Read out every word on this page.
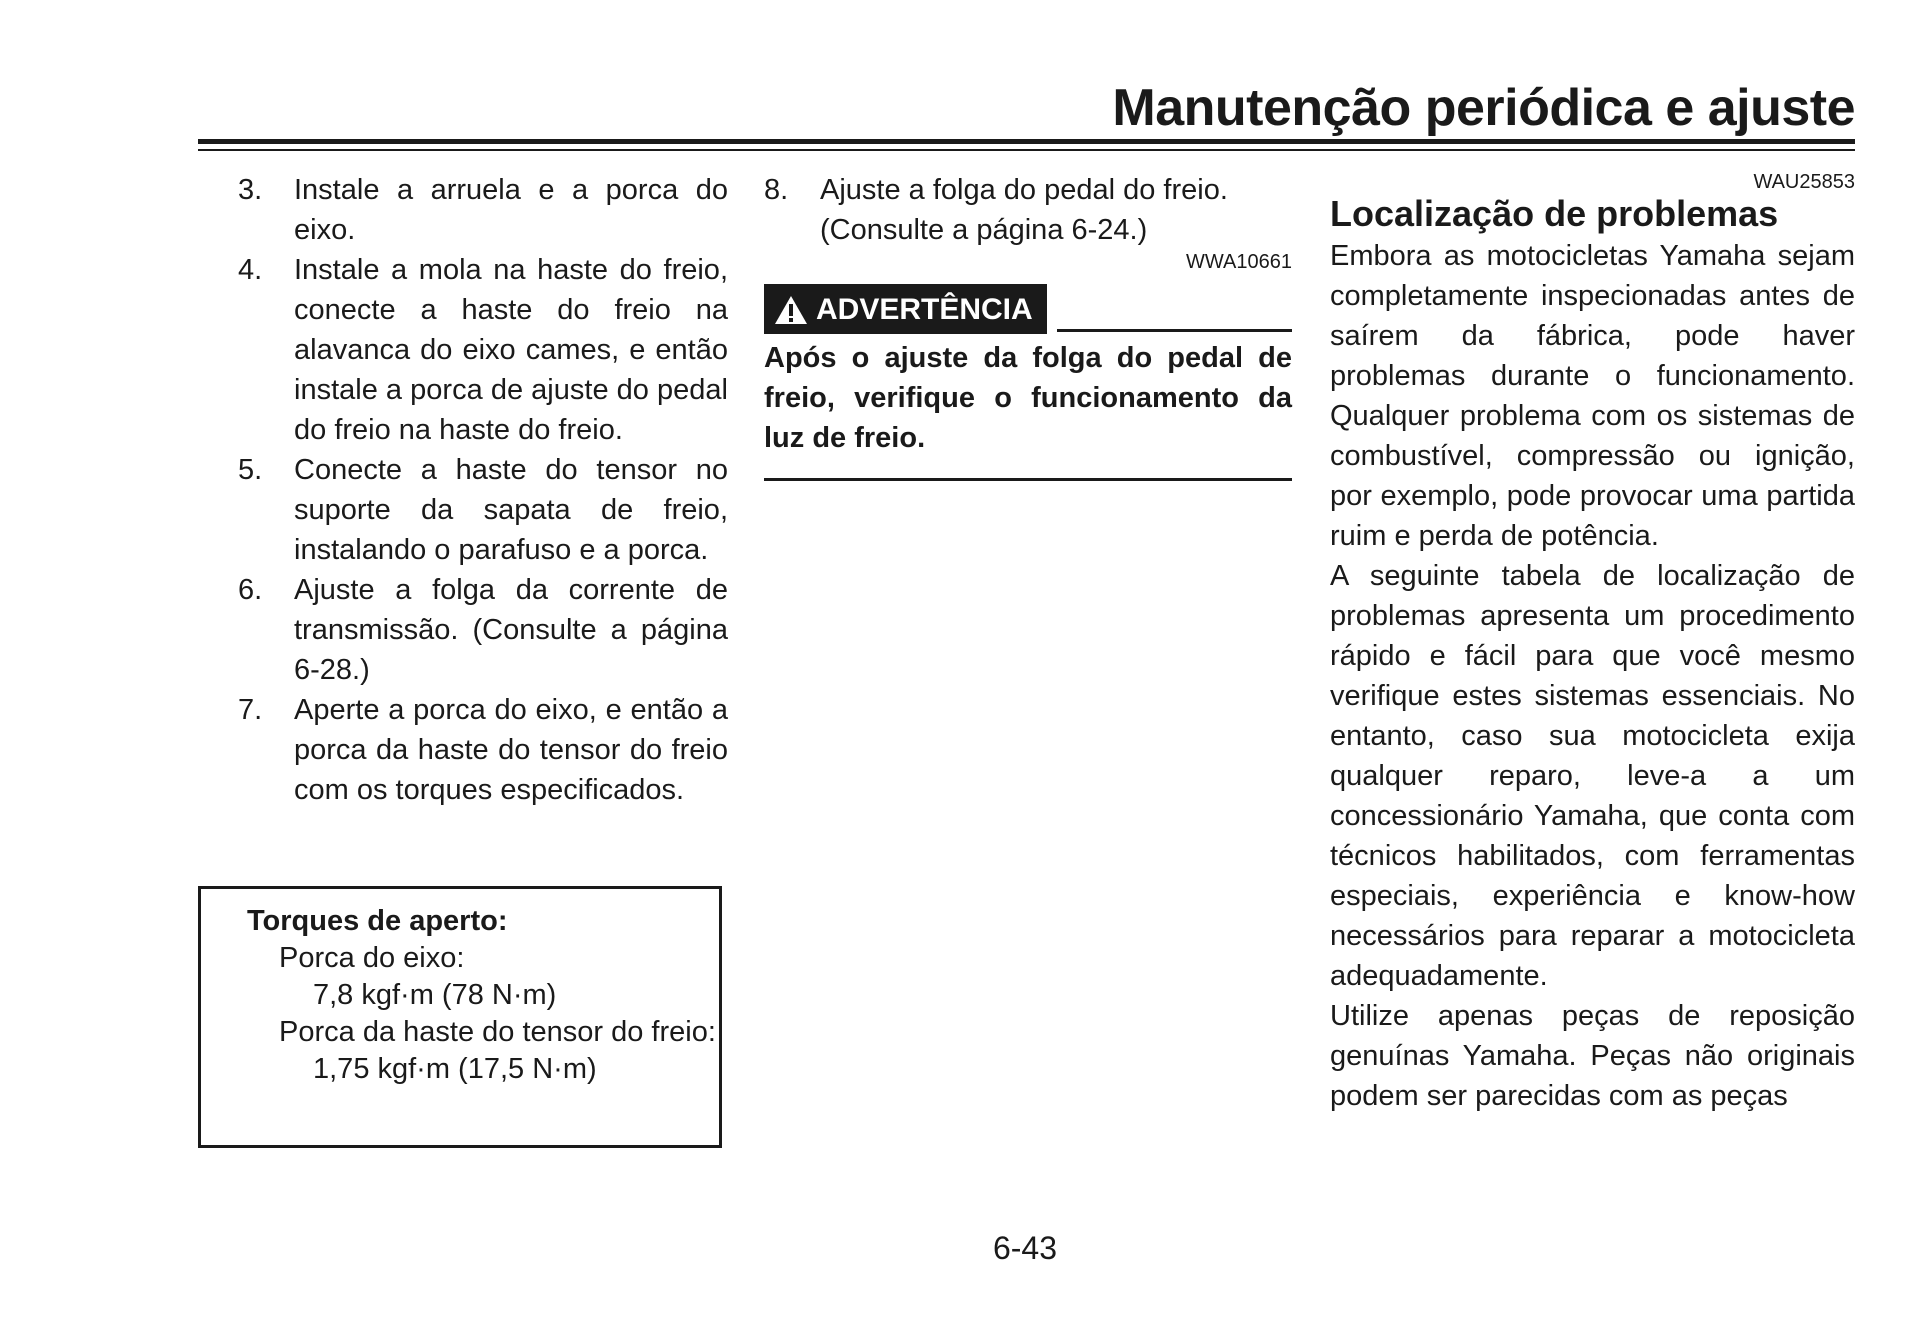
Manutenção periódica e ajuste
3.	Instale a arruela e a porca do eixo.
4.	Instale a mola na haste do freio, conecte a haste do freio na alavanca do eixo cames, e então instale a porca de ajuste do pedal do freio na haste do freio.
5.	Conecte a haste do tensor no suporte da sapata de freio, instalando o parafuso e a porca.
6.	Ajuste a folga da corrente de transmissão. (Consulte a página 6-28.)
7.	Aperte a porca do eixo, e então a porca da haste do tensor do freio com os torques especificados.
Torques de aperto:
Porca do eixo:
7,8 kgf·m (78 N·m)
Porca da haste do tensor do freio:
1,75 kgf·m (17,5 N·m)
8.	Ajuste a folga do pedal do freio. (Consulte a página 6-24.)
WWA10661
ADVERTÊNCIA
Após o ajuste da folga do pedal de freio, verifique o funcionamento da luz de freio.
WAU25853
Localização de problemas
Embora as motocicletas Yamaha sejam completamente inspecionadas antes de saírem da fábrica, pode haver problemas durante o funcionamento. Qualquer problema com os sistemas de combustível, compressão ou ignição, por exemplo, pode provocar uma partida ruim e perda de potência.
A seguinte tabela de localização de problemas apresenta um procedimento rápido e fácil para que você mesmo verifique estes sistemas essenciais. No entanto, caso sua motocicleta exija qualquer reparo, leve-a a um concessionário Yamaha, que conta com técnicos habilitados, com ferramentas especiais, experiência e know-how necessários para reparar a motocicleta adequadamente.
Utilize apenas peças de reposição genuínas Yamaha. Peças não originais podem ser parecidas com as peças
6-43
